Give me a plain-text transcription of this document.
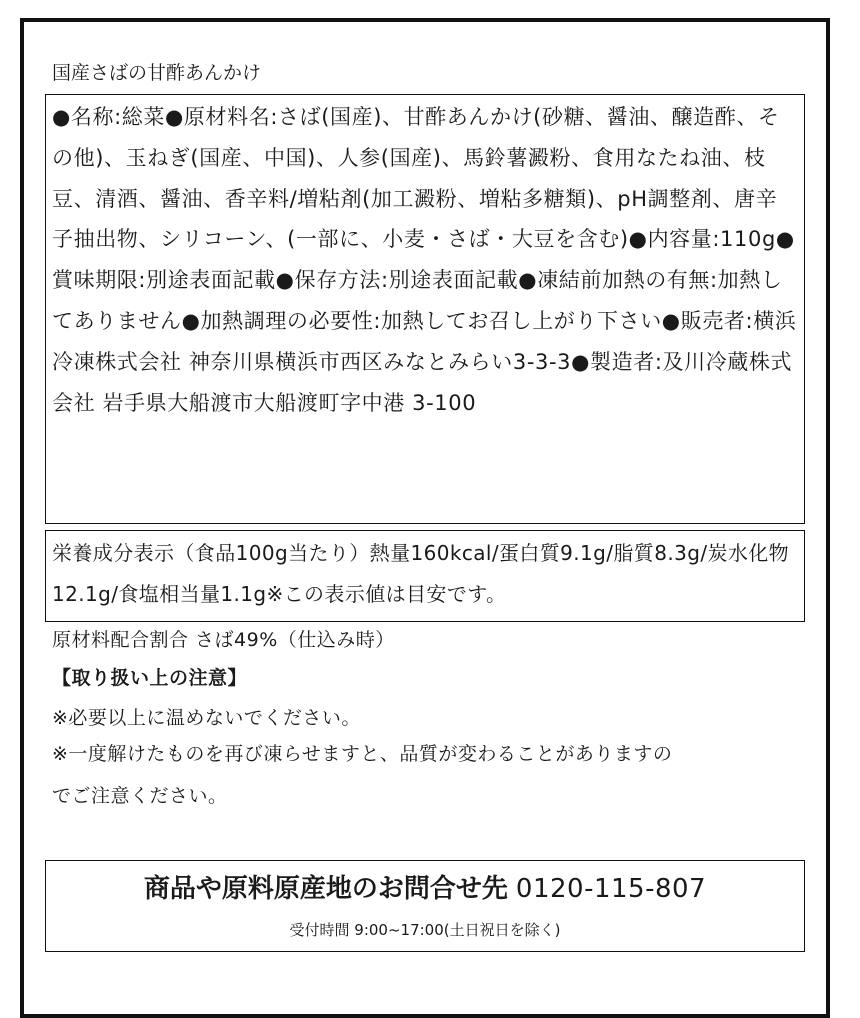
国産さばの甘酢あんかけ

●名称:総菜●原材料名:さば(国産)、甘酢あんかけ(砂糖、醤油、醸造酢、その他)、玉ねぎ(国産、中国)、人参(国産)、馬鈴薯澱粉、食用なたね油、枝豆、清酒、醤油、香辛料/増粘剤(加工澱粉、増粘多糖類)、pH調整剤、唐辛子抽出物、シリコーン、(一部に、小麦・さば・大豆を含む)●内容量:110g●賞味期限:別途表面記載●保存方法:別途表面記載●凍結前加熱の有無:加熱してありません●加熱調理の必要性:加熱してお召し上がり下さい●販売者:横浜冷凍株式会社 神奈川県横浜市西区みなとみらい3-3-3●製造者:及川冷蔵株式会社 岩手県大船渡市大船渡町字中港 3-100

栄養成分表示（食品100g当たり）熱量160kcal/蛋白質9.1g/脂質8.3g/炭水化物12.1g/食塩相当量1.1g※この表示値は目安です。

原材料配合割合 さば49%（仕込み時）
【取り扱い上の注意】
※必要以上に温めないでください。
※一度解けたものを再び凍らせますと、品質が変わることがありますの
でご注意ください。
商品や原料原産地のお問合せ先 0120-115-807
受付時間 9:00~17:00(土日祝日を除く)
